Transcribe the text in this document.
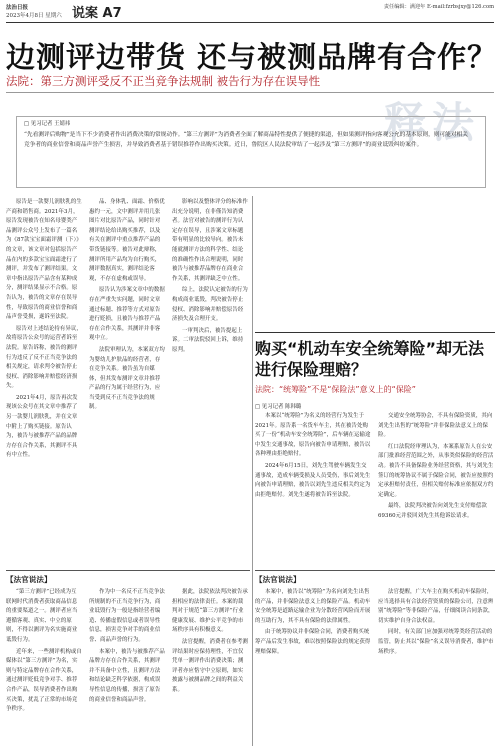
法治日报
2023年4月8日 星期六 说案 A7	责任编辑：满迎年 E-mail:fzrbsjxy@126.com
边测评边带货 还与被测品牌有合作？
法院：第三方测评受反不正当竞争法规制 被告行为存在误导性
释法
□ 见习记者 王婧祎
“先看测评后购物”是当下不少消费者作出消费决策的常规动作。“第三方测评”为消费者全面了解商品特性提供了便捷的渠道，但如果测评指向客观公允的基本原则，则可能对相关竞争者的商业信誉和商品声誉产生损害，并导致消费者基于错误推荐作出购买决策。近日，鲁院区人民法院审结了一起涉及“第三方测评”的商业诋毁纠纷案件。

原告是一款婴儿润肤乳的生产商和销售商。2021年3月，原告发现被告在知名母婴类产品测评公众号上发布了一篇名为《87款宝宝面霜评测（下）》的文章，该文章对包括原告产品在内的多款宝宝面霜进行了测评，并发布了测评结果。文章中指出原告产品含有某种成分，测评结果显示不合格。原告认为，被告的文章存在误导性，导致原告的商业信誉和商品声誉受损，遂诉至法院。

原告对上述结论持有异议，故将原告公众号的运营者诉至法院。原告诉称，被告的测评行为违反了反不正当竞争法的相关规定，请求判令被告停止侵权、消除影响并赔偿经济损失。

2021年4月，原告再次发现该公众号在其文章中推荐了另一款婴儿润肤乳，并在文章中附上了购买链接。原告认为，被告与被推荐产品的品牌方存在合作关系，其测评不具有中立性。

品、身体乳、面霜、价格优惠约一元，文中测评并用几张图片对比原告产品，同时针对测评结论给出购买推荐，以及有关在测评中重点推荐产品的带货链接等。被告对此辩称，测评所用产品均为自行购买，测评数据真实，测评结论客观，不存在虚构或误导。

原告认为涉案文章中的数据存在严重失实问题，同时文章通过标题、推荐等方式对原告进行贬损，且被告与推荐产品存在合作关系，其测评并非客观中立。

法院审理认为，本案双方均为婴幼儿护肤品的经营者，存在竞争关系。被告虽为自媒体，但其发布测评文章并推荐产品的行为属于经营行为，应当受到反不正当竞争法的规制。

影响以及整体评分的标准作出充分说明，在非僅告知消费者。法官对被告的测评行为认定存在误导，且涉案文章标题带有明显的比较导向。被告未能就测评方法的科学性、结论的准确性作出合理说明，同时被告与被推荐品牌存在商业合作关系，其测评缺乏中立性。

综上，法院认定被告的行为构成商业诋毁，判决被告停止侵权、消除影响并赔偿原告经济损失及合理开支。

一审判决后，被告提起上诉。二审法院驳回上诉，维持原判。	购买“机动车安全统筹险”却无法进行保险理赔？
法院：“统筹险”不是“保险法”意义上的“保险”
□ 见习记者 陈韩璐

本案以“统筹险”为名义的经营行为发生于2021年。原告系一名货车车主，其在被告处购买了一份“机动车安全统筹险”，后车辆在运输途中发生交通事故，原告向被告申请理赔，被告以各种理由拒绝赔付。

2024年6月15日，刘先生驾驶车辆发生交通事故，造成车辆受损及人员受伤，事后刘先生向被告申请理赔，被告以刘先生违反相关约定为由拒绝赔付。刘先生遂将被告诉至法院。

交通安全统筹协会，不具有保险资质，其向刘先生出售的“统筹险”并非保险法意义上的保险。

红口法院经审理认为，本案系原告人在公安部门批准经营范围之外，从事类似保险的经营活动。被告不具备保险业务经营资格，其与刘先生签订的统筹协议不属于保险合同，被告应按照约定承担赔付责任，但相关赔付标准应依据双方约定确定。

最终，法院判决被告向刘先生支付赔偿款69360元并驳回刘先生其他诉讼请求。

【法官说法】

“第三方测评”已经成为互联网时代消费者获取商品信息的重要渠道之一。测评者应当遵循客观、真实、中立的原则，不得以测评为名实施商业诋毁行为。

近年来，一些测评机构或自媒体以“第三方测评”为名，实则与特定品牌存在合作关系，通过测评贬低竞争对手、推荐合作产品，误导消费者作出购买决策，扰乱了正常的市场竞争秩序。

作为中一名反不正当竞争法所规制的不正当竞争行为，商业诋毁行为一般是指经营者编造、传播虚假信息或者误导性信息，损害竞争对手的商业信誉、商品声誉的行为。

本案中，被告与被推荐产品品牌方存在合作关系，其测评并不具备中立性，且测评方法和结论缺乏科学依据，构成误导性信息的传播，损害了原告的商业信誉和商品声誉。

据此，法院依法判决被告承担相应的法律责任。本案的裁判对于规范“第三方测评”行业健康发展、维护公平竞争的市场秩序具有积极意义。

法官提醒，消费者在参考测评结果时应保持理性，不宜仅凭单一测评作出消费决策；测评者亦应恪守中立原则，如实披露与被测品牌之间的利益关系。

【法官说法】

本案中，被告以“统筹险”为名向刘先生出售的产品，并非保险法意义上的保险产品。机动车安全统筹是道路运输企业为分散经营风险而开展的互助行为，其不具有保险的法律属性。

由于统筹协议并非保险合同，消费者购买统筹产品后发生事故，难以按照保险法的规定获得理赔保障。

法官提醒，广大车主在购买机动车保险时，应当选择具有合法经营资质的保险公司，注意辨别“统筹险”等非保险产品，仔细阅读合同条款，切实维护自身合法权益。

同时，有关部门应加强对统筹类经营活动的监管，防止其以“保险”名义误导消费者，维护市场秩序。
